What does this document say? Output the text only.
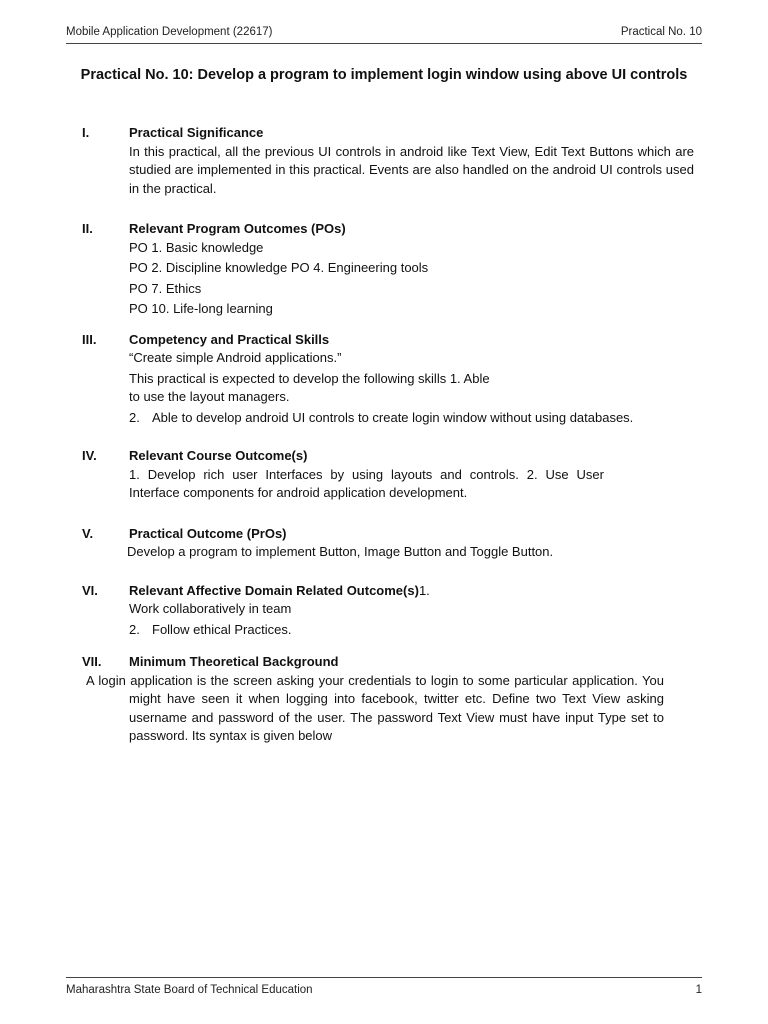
Mobile Application Development (22617)	Practical No. 10
Practical No. 10: Develop a program to implement login window using above UI controls
I.	Practical Significance
In this practical, all the previous UI controls in android like Text View, Edit Text Buttons which are studied are implemented in this practical. Events are also handled on the android UI controls used in the practical.
II.	Relevant Program Outcomes (POs)
PO 1. Basic knowledge
PO 2. Discipline knowledge PO 4. Engineering tools
PO 7. Ethics
PO 10. Life-long learning
III.	Competency and Practical Skills
“Create simple Android applications.”
This practical is expected to develop the following skills 1. Able
to use the layout managers.
2. Able to develop android UI controls to create login window without using databases.
IV.	Relevant Course Outcome(s)
1. Develop rich user Interfaces by using layouts and controls. 2. Use User Interface components for android application development.
V.	Practical Outcome (PrOs)
Develop a program to implement Button, Image Button and Toggle Button.
VI.	Relevant Affective Domain Related Outcome(s) 1.
Work collaboratively in team
2. Follow ethical Practices.
VII.	Minimum Theoretical Background
A login application is the screen asking your credentials to login to some particular application. You might have seen it when logging into facebook, twitter etc. Define two Text View asking username and password of the user. The password Text View must have input Type set to password. Its syntax is given below
Maharashtra State Board of Technical Education	1
